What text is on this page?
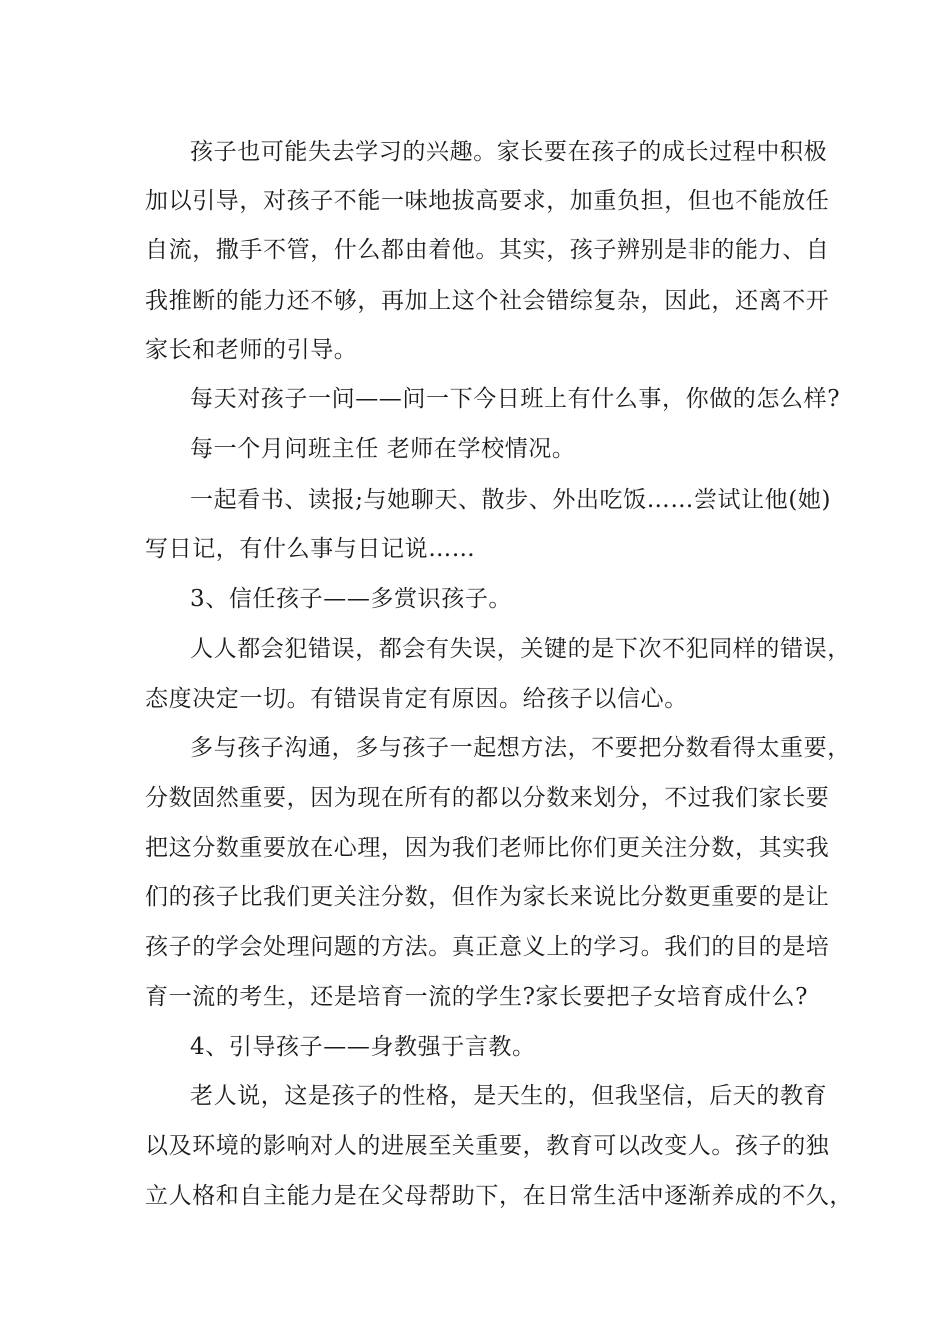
孩子也可能失去学习的兴趣。家长要在孩子的成长过程中积极
加以引导，对孩子不能一味地拔高要求，加重负担，但也不能放任
自流，撒手不管，什么都由着他。其实，孩子辨别是非的能力、自
我推断的能力还不够，再加上这个社会错综复杂，因此，还离不开
家长和老师的引导。
每天对孩子一问——问一下今日班上有什么事，你做的怎么样?
每一个月问班主任 老师在学校情况。
一起看书、读报;与她聊天、散步、外出吃饭……尝试让他(她)
写日记，有什么事与日记说……
3、信任孩子——多赏识孩子。
人人都会犯错误，都会有失误，关键的是下次不犯同样的错误，
态度决定一切。有错误肯定有原因。给孩子以信心。
多与孩子沟通，多与孩子一起想方法，不要把分数看得太重要，
分数固然重要，因为现在所有的都以分数来划分，不过我们家长要
把这分数重要放在心理，因为我们老师比你们更关注分数，其实我
们的孩子比我们更关注分数，但作为家长来说比分数更重要的是让
孩子的学会处理问题的方法。真正意义上的学习。我们的目的是培
育一流的考生，还是培育一流的学生?家长要把子女培育成什么?
4、引导孩子——身教强于言教。
老人说，这是孩子的性格，是天生的，但我坚信，后天的教育
以及环境的影响对人的进展至关重要，教育可以改变人。孩子的独
立人格和自主能力是在父母帮助下，在日常生活中逐渐养成的不久，
